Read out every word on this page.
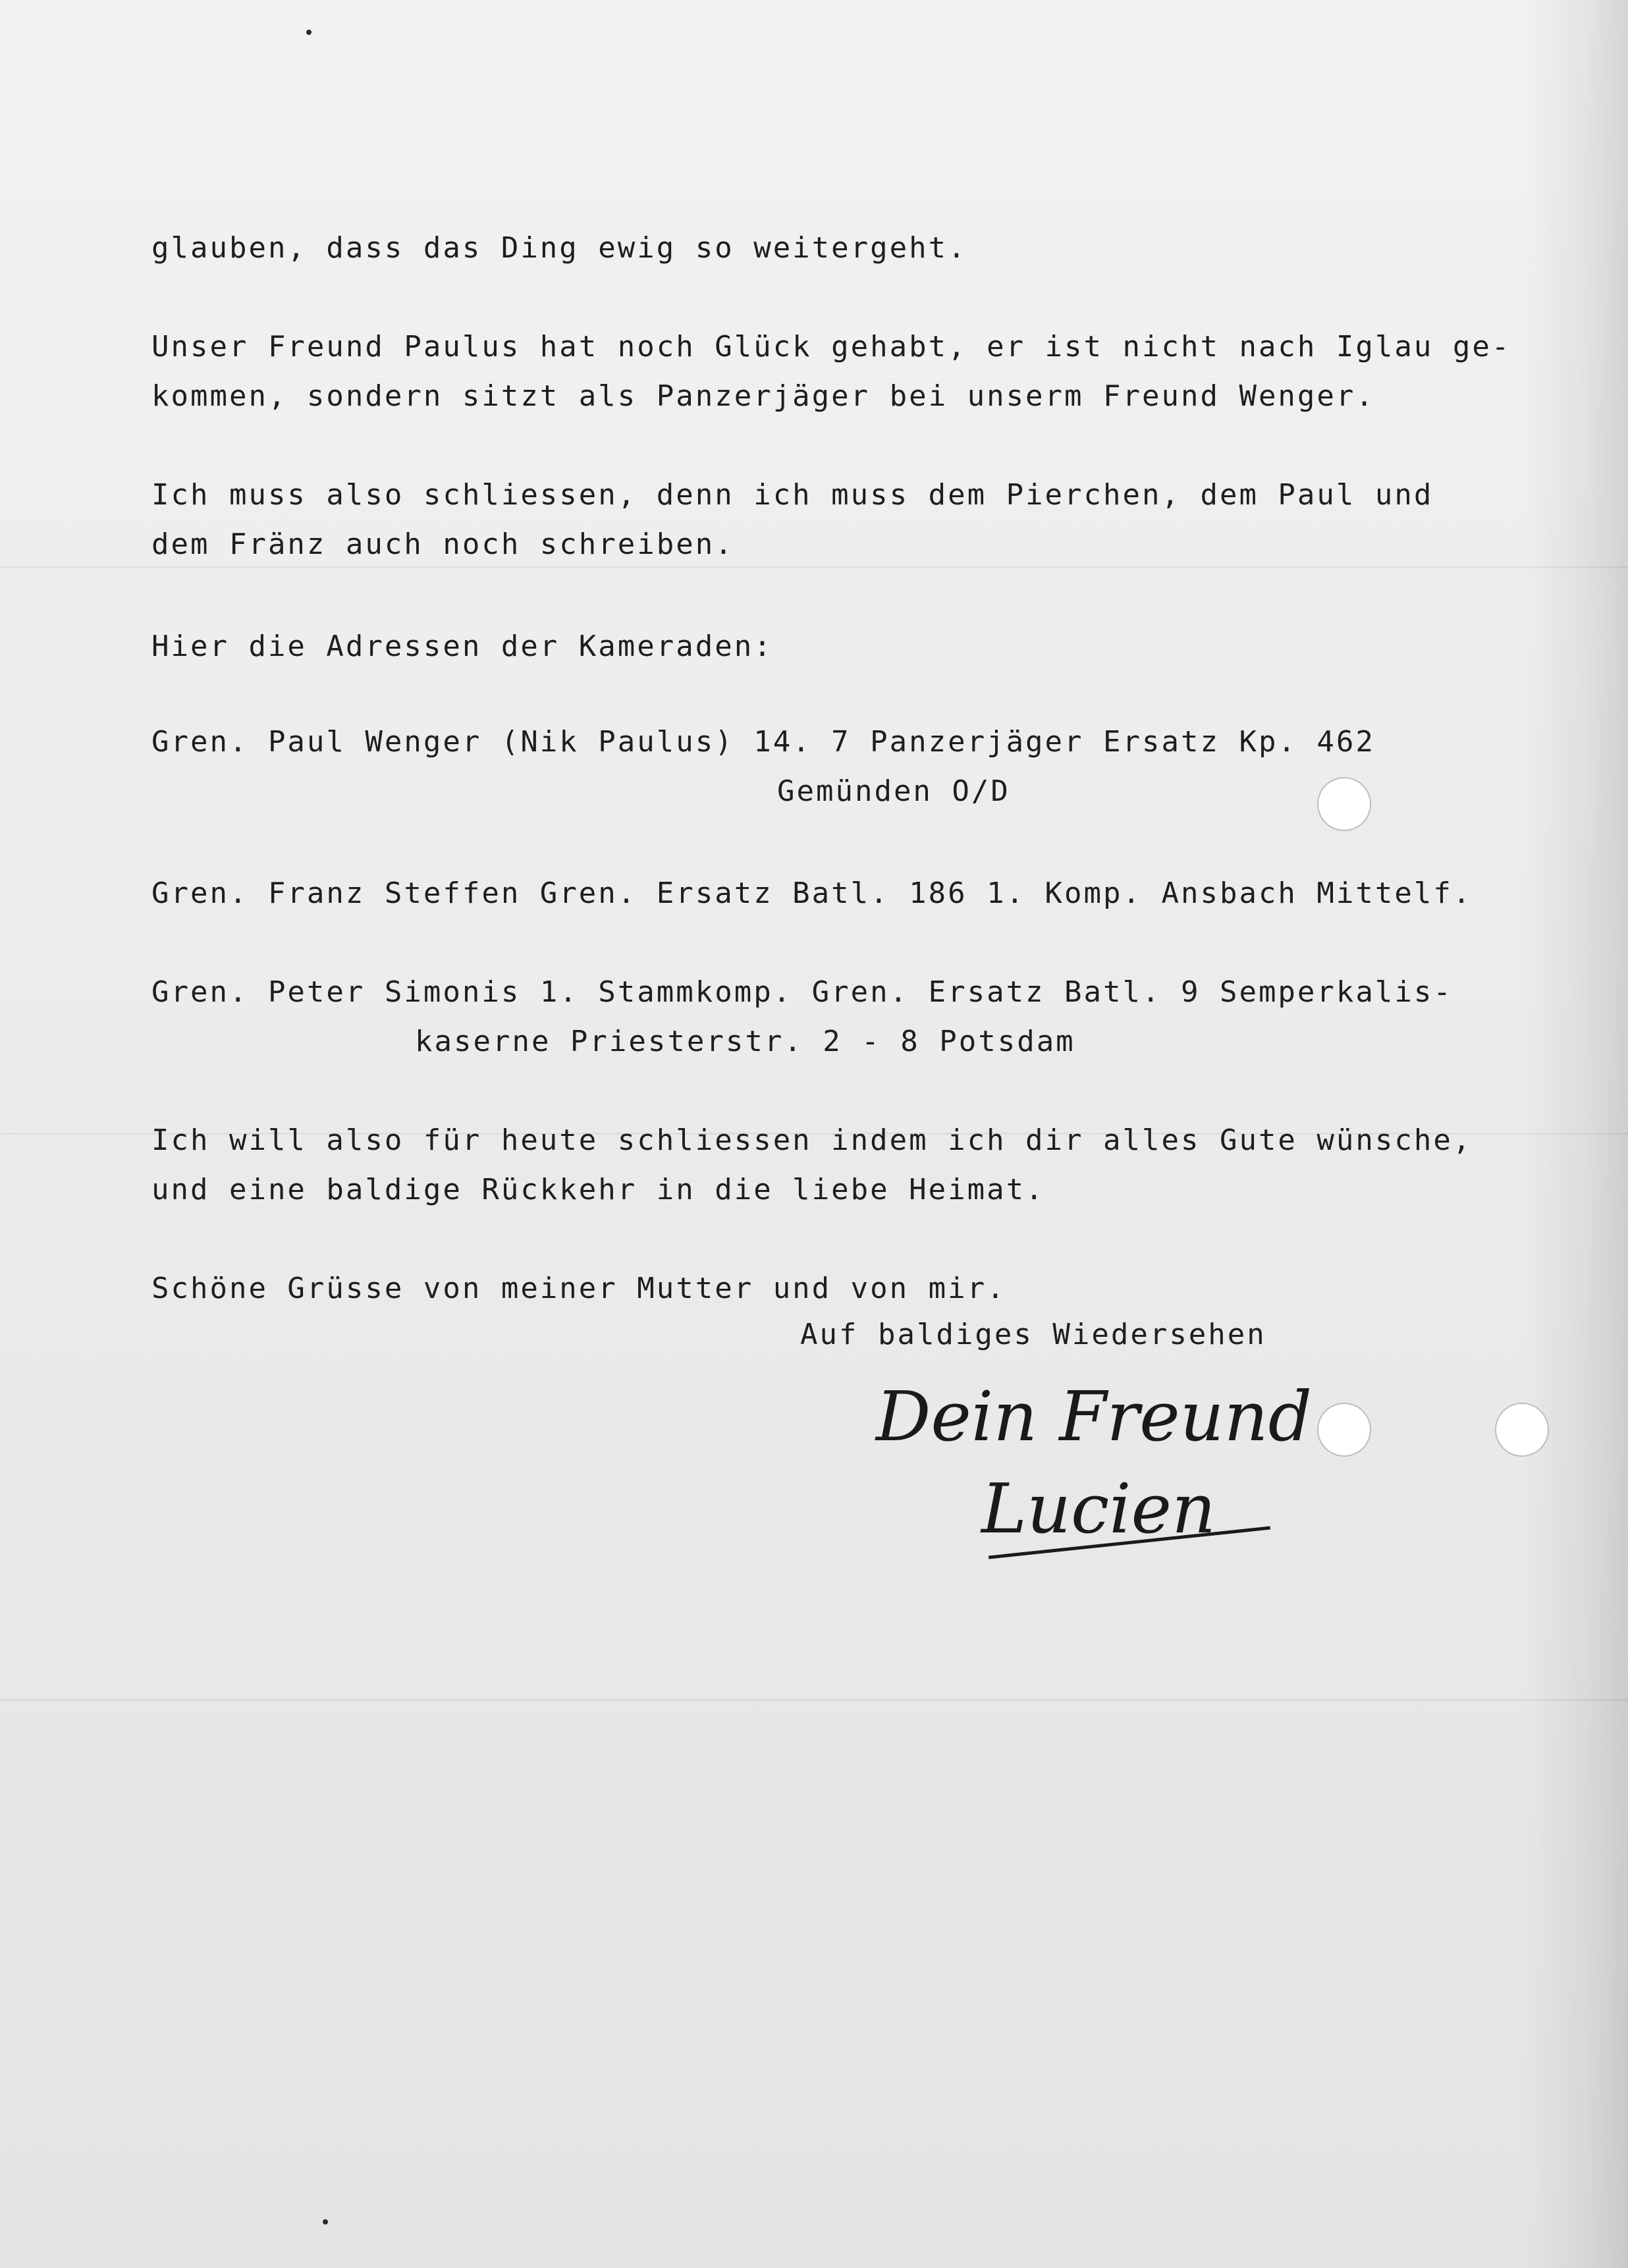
glauben, dass das Ding ewig so weitergeht.

Unser Freund Paulus hat noch Glück gehabt, er ist nicht nach Iglau ge-

kommen, sondern sitzt als Panzerjäger bei unserm Freund Wenger.

Ich muss also schliessen, denn ich muss dem Pierchen, dem Paul und

dem Fränz auch noch schreiben.

Hier die Adressen der Kameraden:

Gren. Paul Wenger (Nik Paulus) 14. 7 Panzerjäger Ersatz Kp. 462

Gemünden O/D

Gren. Franz Steffen Gren. Ersatz Batl. 186 1. Komp. Ansbach Mittelf.

Gren. Peter Simonis 1. Stammkomp. Gren. Ersatz Batl. 9 Semperkalis-

kaserne Priesterstr. 2 - 8 Potsdam

Ich will also für heute schliessen indem ich dir alles Gute wünsche,

und eine baldige Rückkehr in die liebe Heimat.

Schöne Grüsse von meiner Mutter und von mir.

Auf baldiges Wiedersehen

Dein Freund

Lucien
